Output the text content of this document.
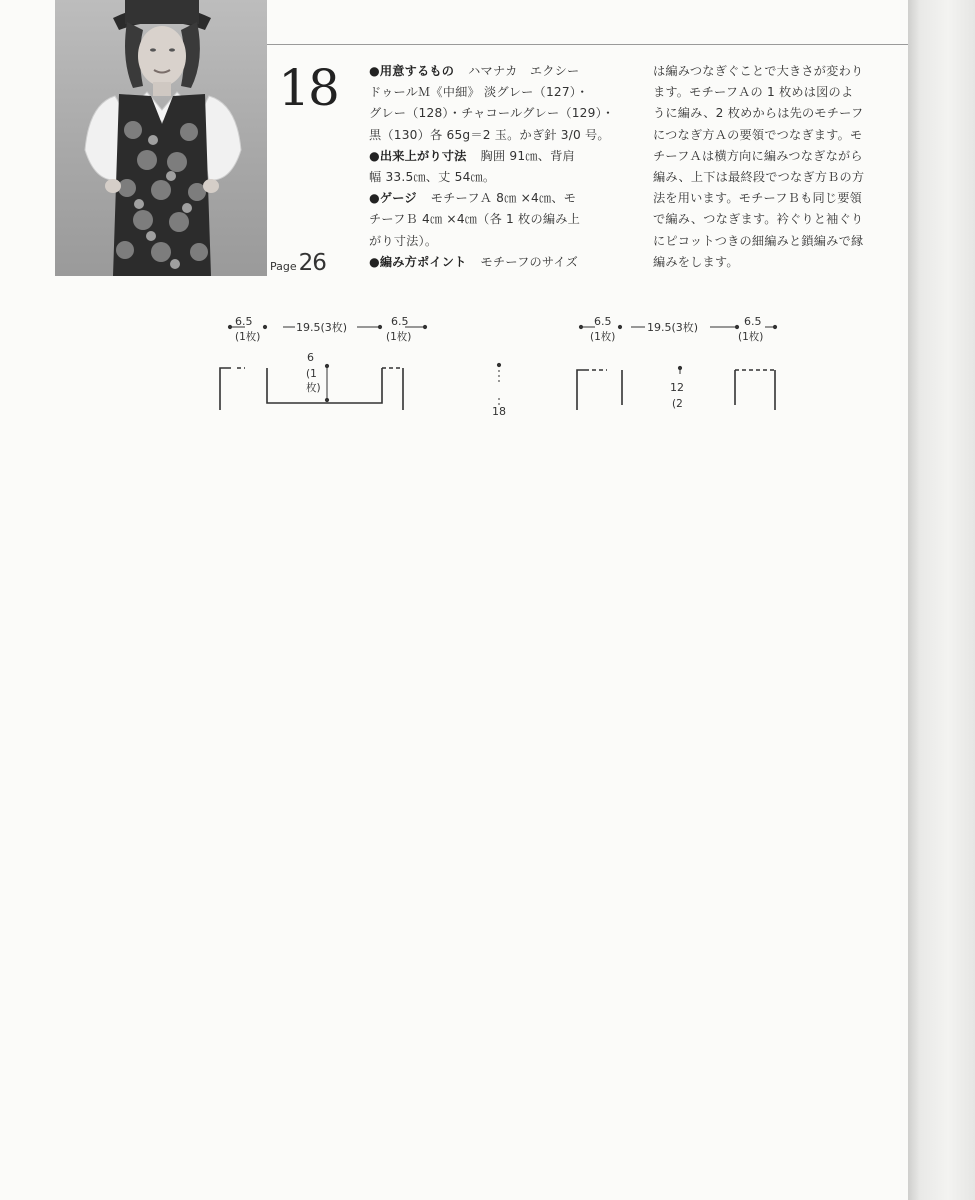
18
Page 26
●用意するもの ハマナカ　エクシー
ドゥールＭ《中細》 淡グレー（127）・
グレー（128）・チャコールグレー（129）・
黒（130）各 65g＝2 玉。かぎ針 3/0 号。
●出来上がり寸法 胸囲 91㎝、背肩
幅 33.5㎝、丈 54㎝。
●ゲージ モチーフＡ 8㎝ ×4㎝、モ
チーフＢ 4㎝ ×4㎝（各 1 枚の編み上
がり寸法）。
●編み方ポイント モチーフのサイズ
は編みつなぎぐことで大きさが変わり
ます。モチーフＡの 1 枚めは図のよ
うに編み、2 枚めからは先のモチーフ
につなぎ方Ａの要領でつなぎます。モ
チーフＡは横方向に編みつなぎながら
編み、上下は最終段でつなぎ方Ｂの方
法を用います。モチーフＢも同じ要領
で編み、つなぎます。衿ぐりと袖ぐり
にピコットつきの細編みと鎖編みで縁
編みをします。
6.5
(1枚)
19.5(3枚)	6.5
(1枚)
6
(1
枚)
18
6.5
(1枚)
19.5(3枚)	6.5
(1枚)
12
(2
